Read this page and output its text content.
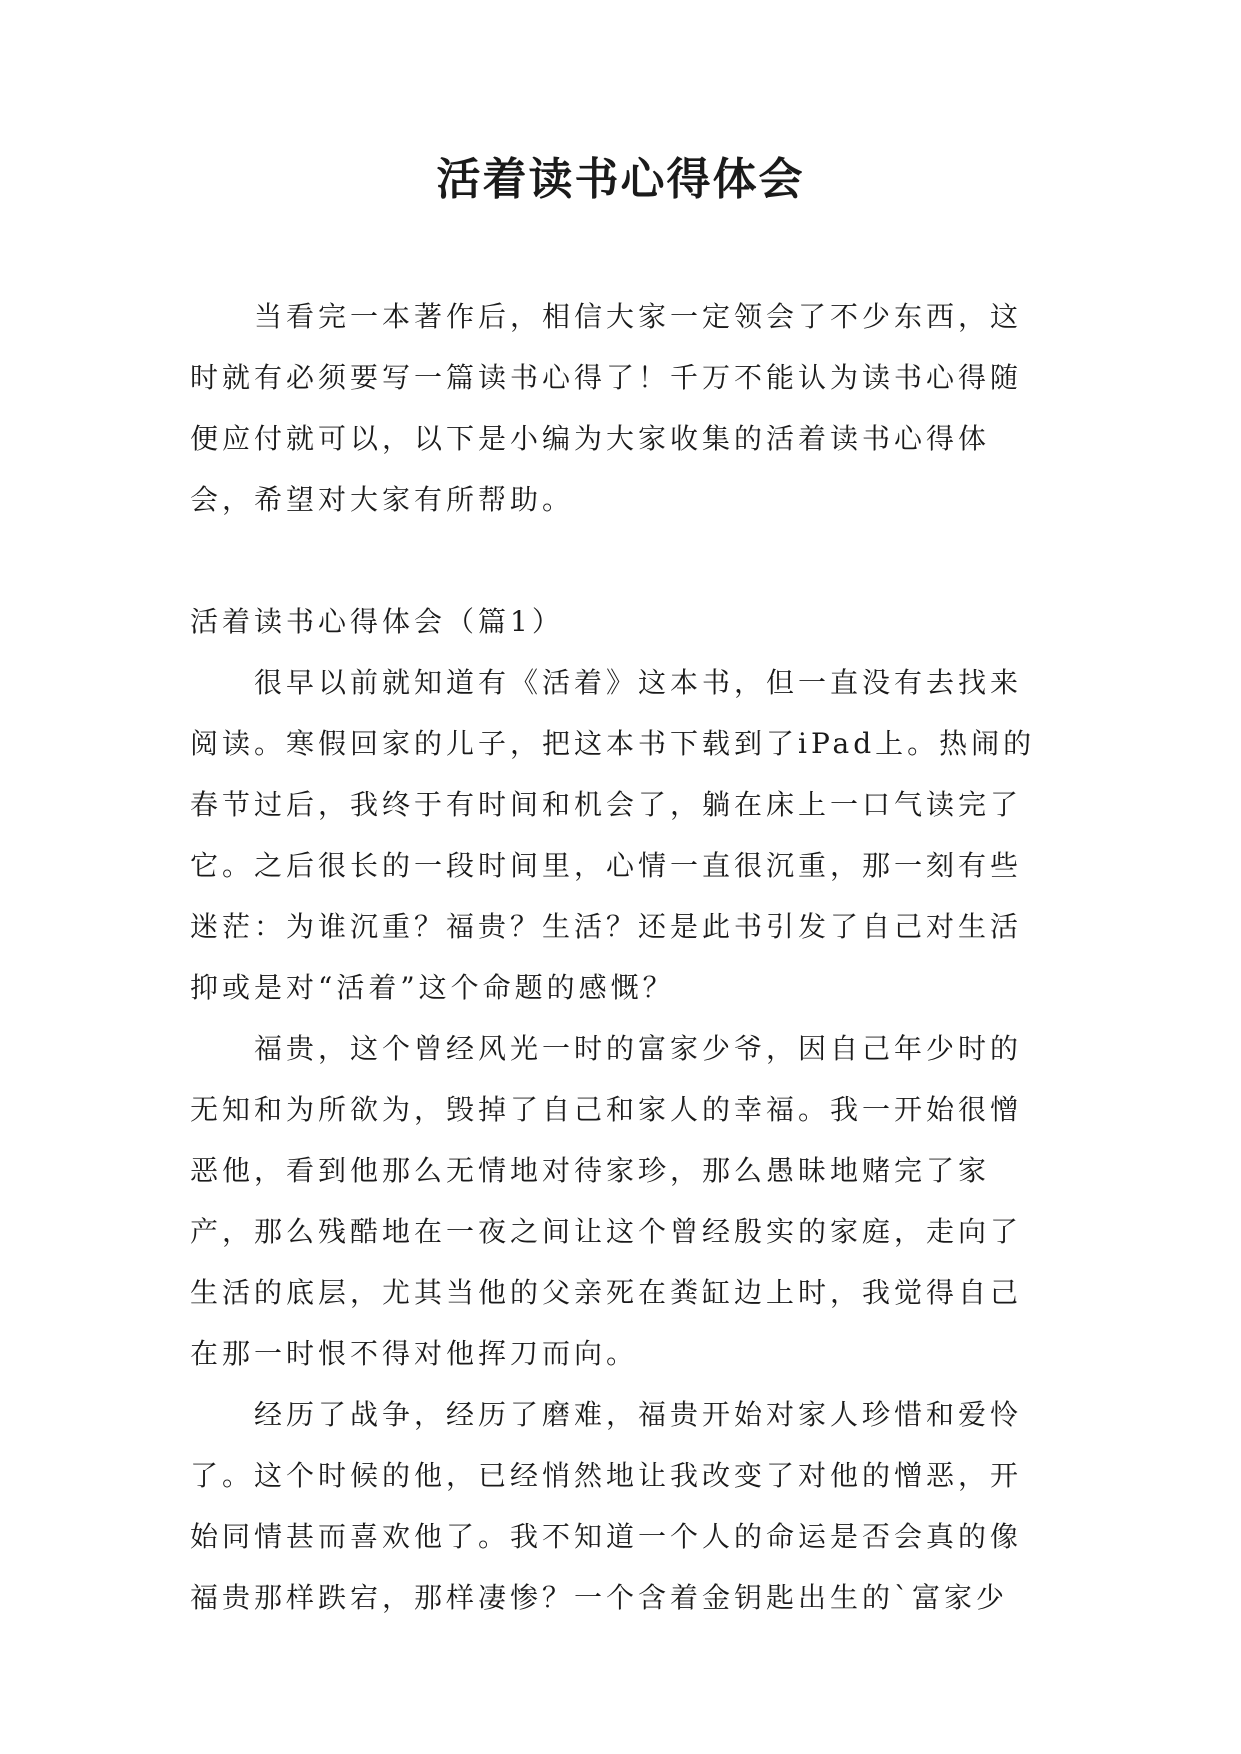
活着读书心得体会

当看完一本著作后，相信大家一定领会了不少东西，这时就有必须要写一篇读书心得了！千万不能认为读书心得随便应付就可以，以下是小编为大家收集的活着读书心得体会，希望对大家有所帮助。

活着读书心得体会（篇1）

很早以前就知道有《活着》这本书，但一直没有去找来阅读。寒假回家的儿子，把这本书下载到了iPad上。热闹的春节过后，我终于有时间和机会了，躺在床上一口气读完了它。之后很长的一段时间里，心情一直很沉重，那一刻有些迷茫：为谁沉重？福贵？生活？还是此书引发了自己对生活抑或是对“活着”这个命题的感慨？

福贵，这个曾经风光一时的富家少爷，因自己年少时的无知和为所欲为，毁掉了自己和家人的幸福。我一开始很憎恶他，看到他那么无情地对待家珍，那么愚昧地赌完了家产，那么残酷地在一夜之间让这个曾经殷实的家庭，走向了生活的底层，尤其当他的父亲死在粪缸边上时，我觉得自己在那一时恨不得对他挥刀而向。

经历了战争，经历了磨难，福贵开始对家人珍惜和爱怜了。这个时候的他，已经悄然地让我改变了对他的憎恶，开始同情甚而喜欢他了。我不知道一个人的命运是否会真的像福贵那样跌宕，那样凄惨？一个含着金钥匙出生的`富家少
